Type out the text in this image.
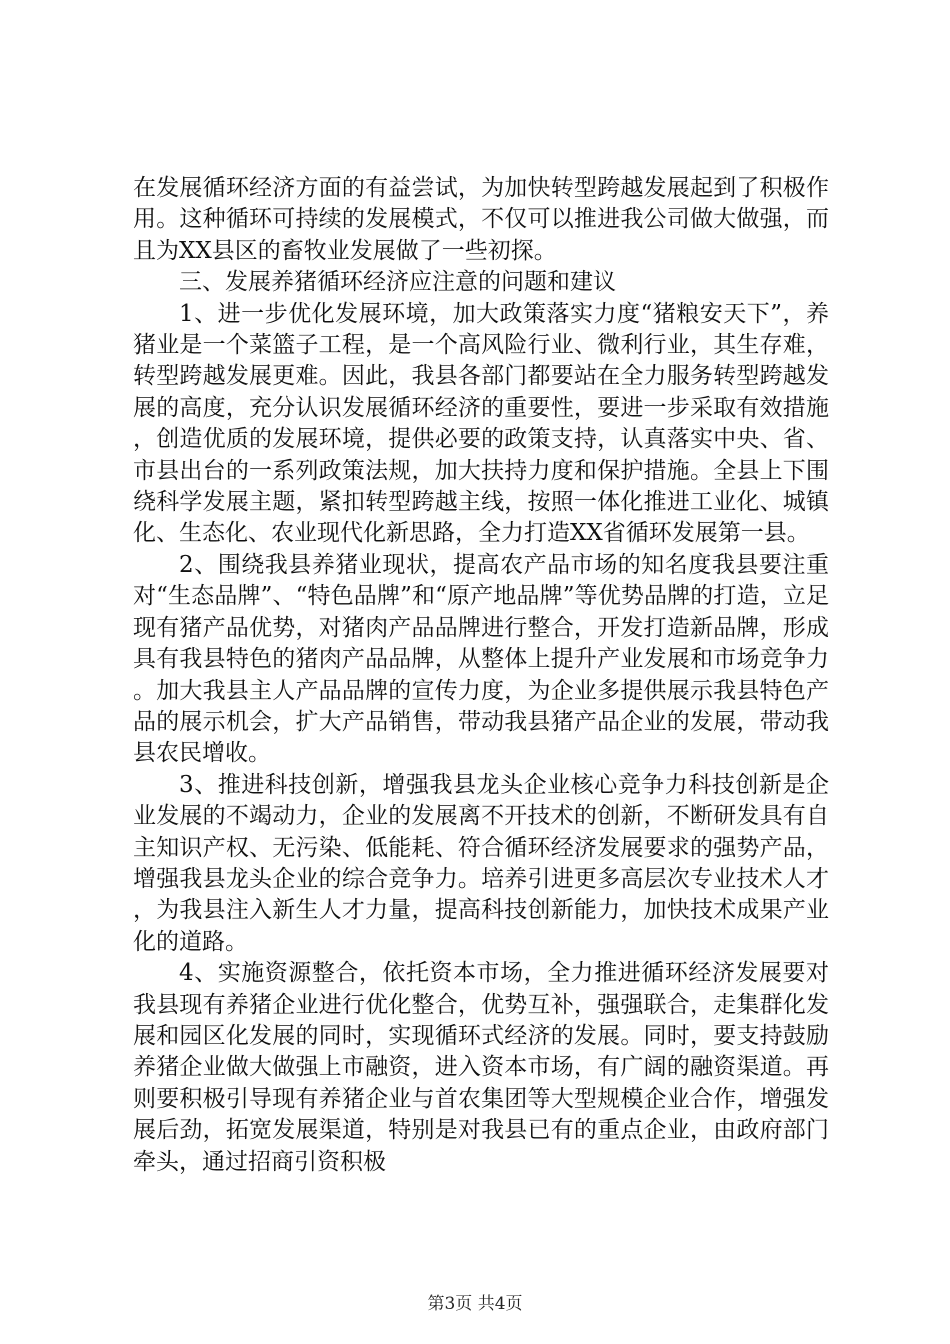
在发展循环经济方面的有益尝试，为加快转型跨越发展起到了积极作用。这种循环可持续的发展模式，不仅可以推进我公司做大做强，而且为XX县区的畜牧业发展做了一些初探。

三、发展养猪循环经济应注意的问题和建议

1、进一步优化发展环境，加大政策落实力度“猪粮安天下”，养猪业是一个菜篮子工程，是一个高风险行业、微利行业，其生存难，转型跨越发展更难。因此，我县各部门都要站在全力服务转型跨越发展的高度，充分认识发展循环经济的重要性，要进一步采取有效措施，创造优质的发展环境，提供必要的政策支持，认真落实中央、省、市县出台的一系列政策法规，加大扶持力度和保护措施。全县上下围绕科学发展主题，紧扣转型跨越主线，按照一体化推进工业化、城镇化、生态化、农业现代化新思路，全力打造XX省循环发展第一县。

2、围绕我县养猪业现状，提高农产品市场的知名度我县要注重对“生态品牌”、“特色品牌”和“原产地品牌”等优势品牌的打造，立足现有猪产品优势，对猪肉产品品牌进行整合，开发打造新品牌，形成具有我县特色的猪肉产品品牌，从整体上提升产业发展和市场竞争力。加大我县主人产品品牌的宣传力度，为企业多提供展示我县特色产品的展示机会，扩大产品销售，带动我县猪产品企业的发展，带动我县农民增收。

3、推进科技创新，增强我县龙头企业核心竞争力科技创新是企业发展的不竭动力，企业的发展离不开技术的创新，不断研发具有自主知识产权、无污染、低能耗、符合循环经济发展要求的强势产品，增强我县龙头企业的综合竞争力。培养引进更多高层次专业技术人才，为我县注入新生人才力量，提高科技创新能力，加快技术成果产业化的道路。

4、实施资源整合，依托资本市场，全力推进循环经济发展要对我县现有养猪企业进行优化整合，优势互补，强强联合，走集群化发展和园区化发展的同时，实现循环式经济的发展。同时，要支持鼓励养猪企业做大做强上市融资，进入资本市场，有广阔的融资渠道。再则要积极引导现有养猪企业与首农集团等大型规模企业合作，增强发展后劲，拓宽发展渠道，特别是对我县已有的重点企业，由政府部门牵头，通过招商引资积极

第3页 共4页
